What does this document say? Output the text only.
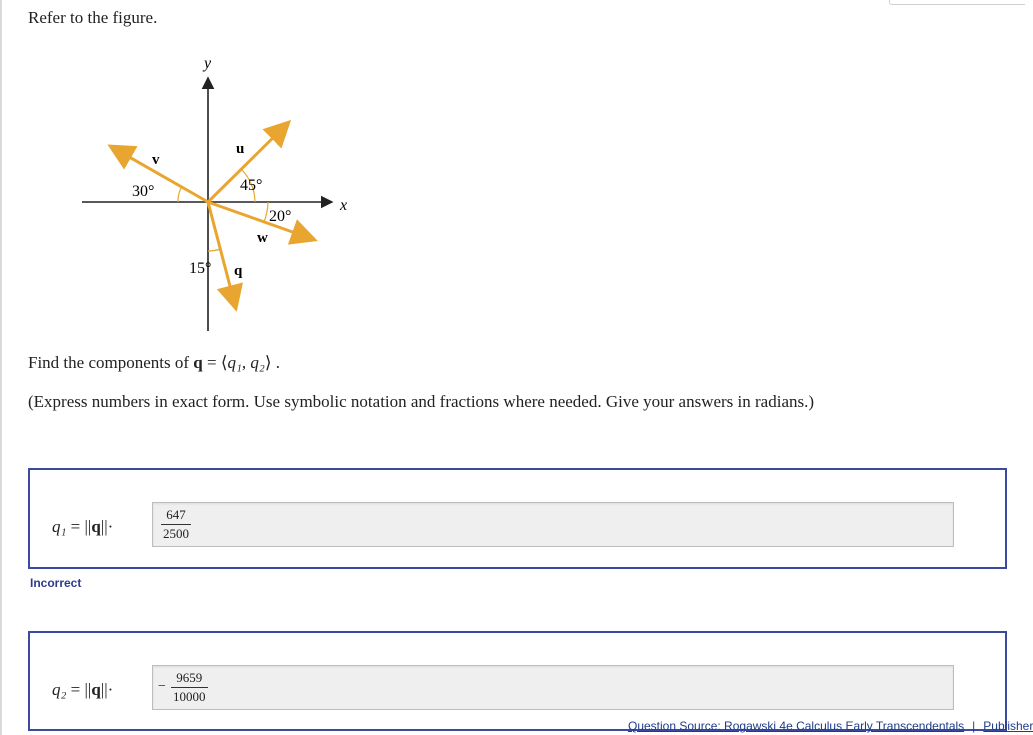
Refer to the figure.
y
x
u
v
w
q
30°	45°
20°
15°
Find the components of q = ⟨q₁, q₂⟩ .
(Express numbers in exact form. Use symbolic notation and fractions where needed. Give your answers in radians.)
q₁ = ||q||·	$\frac{647}{2500}$
Incorrect
q₂ = ||q||·	− $\frac{9659}{10000}$
Question Source: Rogawski 4e Calculus Early Transcendentals | Publisher
